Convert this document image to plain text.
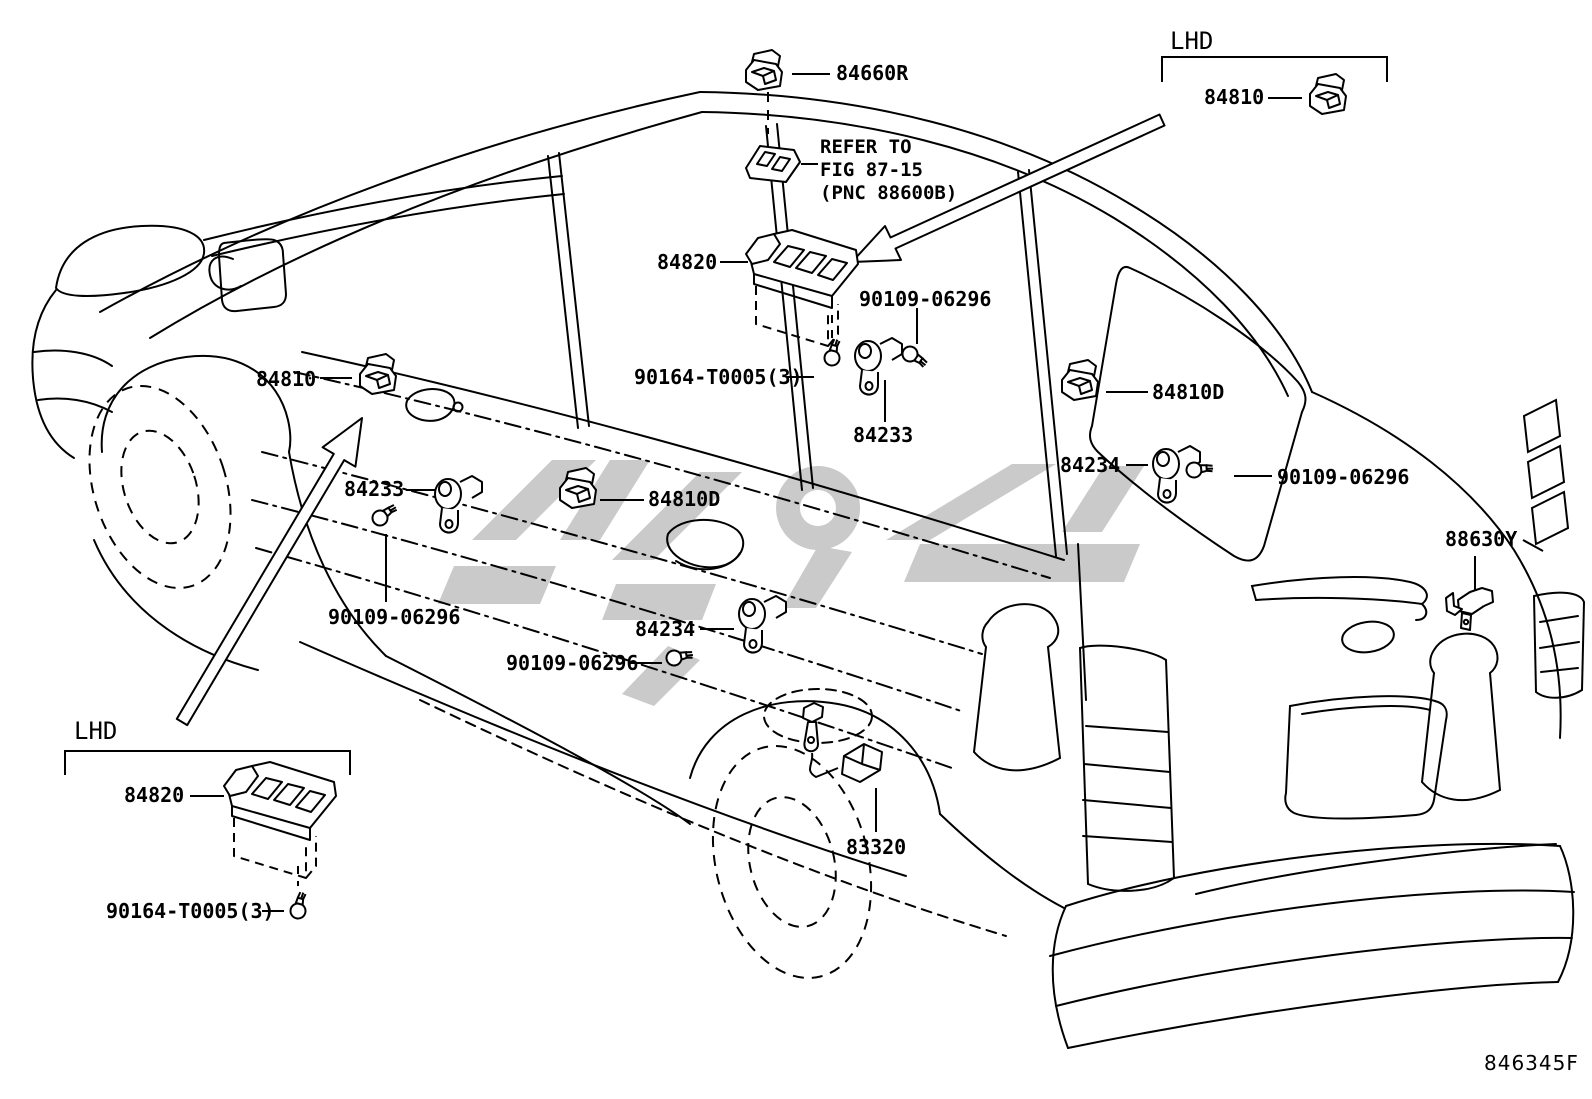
84660R
LHD
84810
REFER TO
FIG 87-15
(PNC 88600B)
84820
90109-06296
90164-T0005(3)
84233
84810
84233
90109-06296
84810D
84234
90109-06296
84810D
84234	90109-06296
88630Y
83320
LHD
84820
90164-T0005(3)
846345F
